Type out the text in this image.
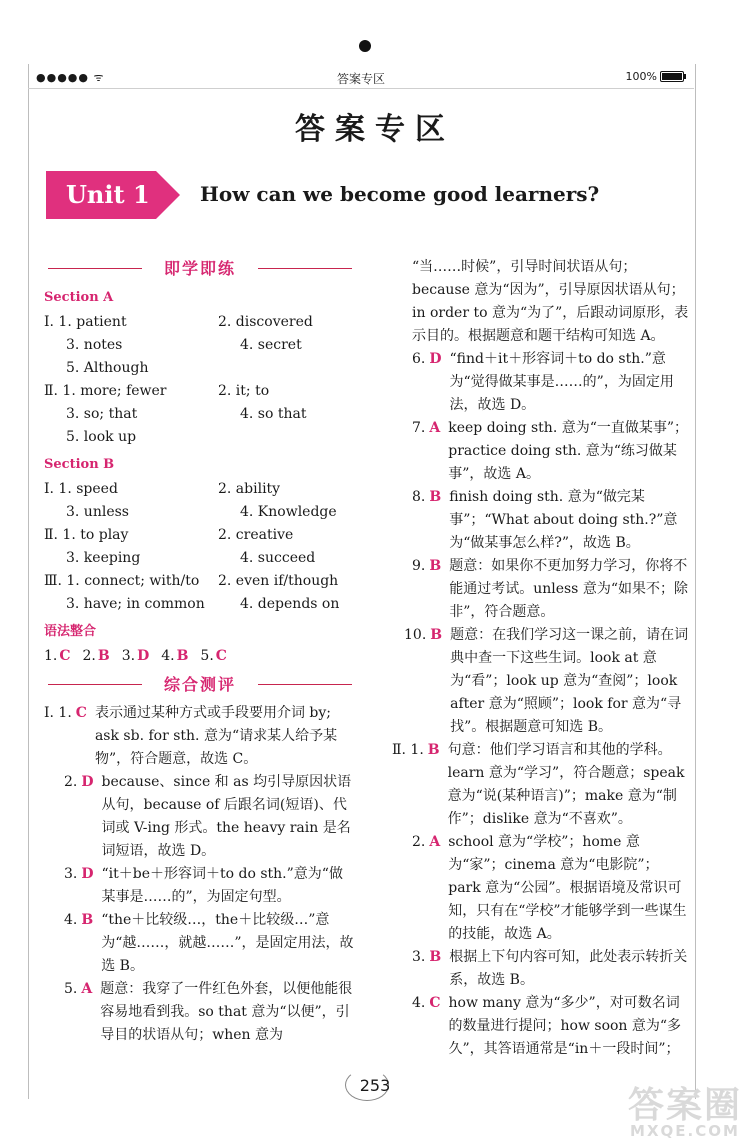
●●●●● ᯤ	答案专区	100%
答案专区
Unit 1	How can we become good learners?
即学即练
Section A
Ⅰ. 1. patient	2. discovered
3. notes	4. secret
5. Although
Ⅱ. 1. more; fewer	2. it; to
3. so; that	4. so that
5. look up
Section B
Ⅰ. 1. speed	2. ability
3. unless	4. Knowledge
Ⅱ. 1. to play	2. creative
3. keeping	4. succeed
Ⅲ. 1. connect; with/to	2. even if/though
3. have; in common	4. depends on
语法整合
1. C 2. B 3. D 4. B 5. C
综合测评
Ⅰ. 1. C 表示通过某种方式或手段要用介词 by; ask sb. for sth. 意为“请求某人给予某物”，符合题意，故选 C。
2. D because、since 和 as 均引导原因状语从句，because of 后跟名词(短语)、代词或 V-ing 形式。the heavy rain 是名词短语，故选 D。
3. D “it＋be＋形容词＋to do sth.”意为“做某事是……的”，为固定句型。
4. B “the＋比较级…，the＋比较级…”意为“越……，就越……”，是固定用法，故选 B。
5. A 题意：我穿了一件红色外套，以便他能很容易地看到我。so that 意为“以便”，引导目的状语从句；when 意为
“当……时候”，引导时间状语从句；because 意为“因为”，引导原因状语从句；in order to 意为“为了”，后跟动词原形，表示目的。根据题意和题干结构可知选 A。
6. D “find＋it＋形容词＋to do sth.”意为“觉得做某事是……的”，为固定用法，故选 D。
7. A keep doing sth. 意为“一直做某事”；practice doing sth. 意为“练习做某事”，故选 A。
8. B finish doing sth. 意为“做完某事”；“What about doing sth.?”意为“做某事怎么样?”，故选 B。
9. B 题意：如果你不更加努力学习，你将不能通过考试。unless 意为“如果不；除非”，符合题意。
10. B 题意：在我们学习这一课之前，请在词典中查一下这些生词。look at 意为“看”；look up 意为“查阅”；look after 意为“照顾”；look for 意为“寻找”。根据题意可知选 B。
Ⅱ. 1. B 句意：他们学习语言和其他的学科。learn 意为“学习”，符合题意；speak 意为“说(某种语言)”；make 意为“制作”；dislike 意为“不喜欢”。
2. A school 意为“学校”；home 意为“家”；cinema 意为“电影院”；park 意为“公园”。根据语境及常识可知，只有在“学校”才能够学到一些谋生的技能，故选 A。
3. B 根据上下句内容可知，此处表示转折关系，故选 B。
4. C how many 意为“多少”，对可数名词的数量进行提问；how soon 意为“多久”，其答语通常是“in＋一段时间”；
253	答案圈
MXQE.COM
